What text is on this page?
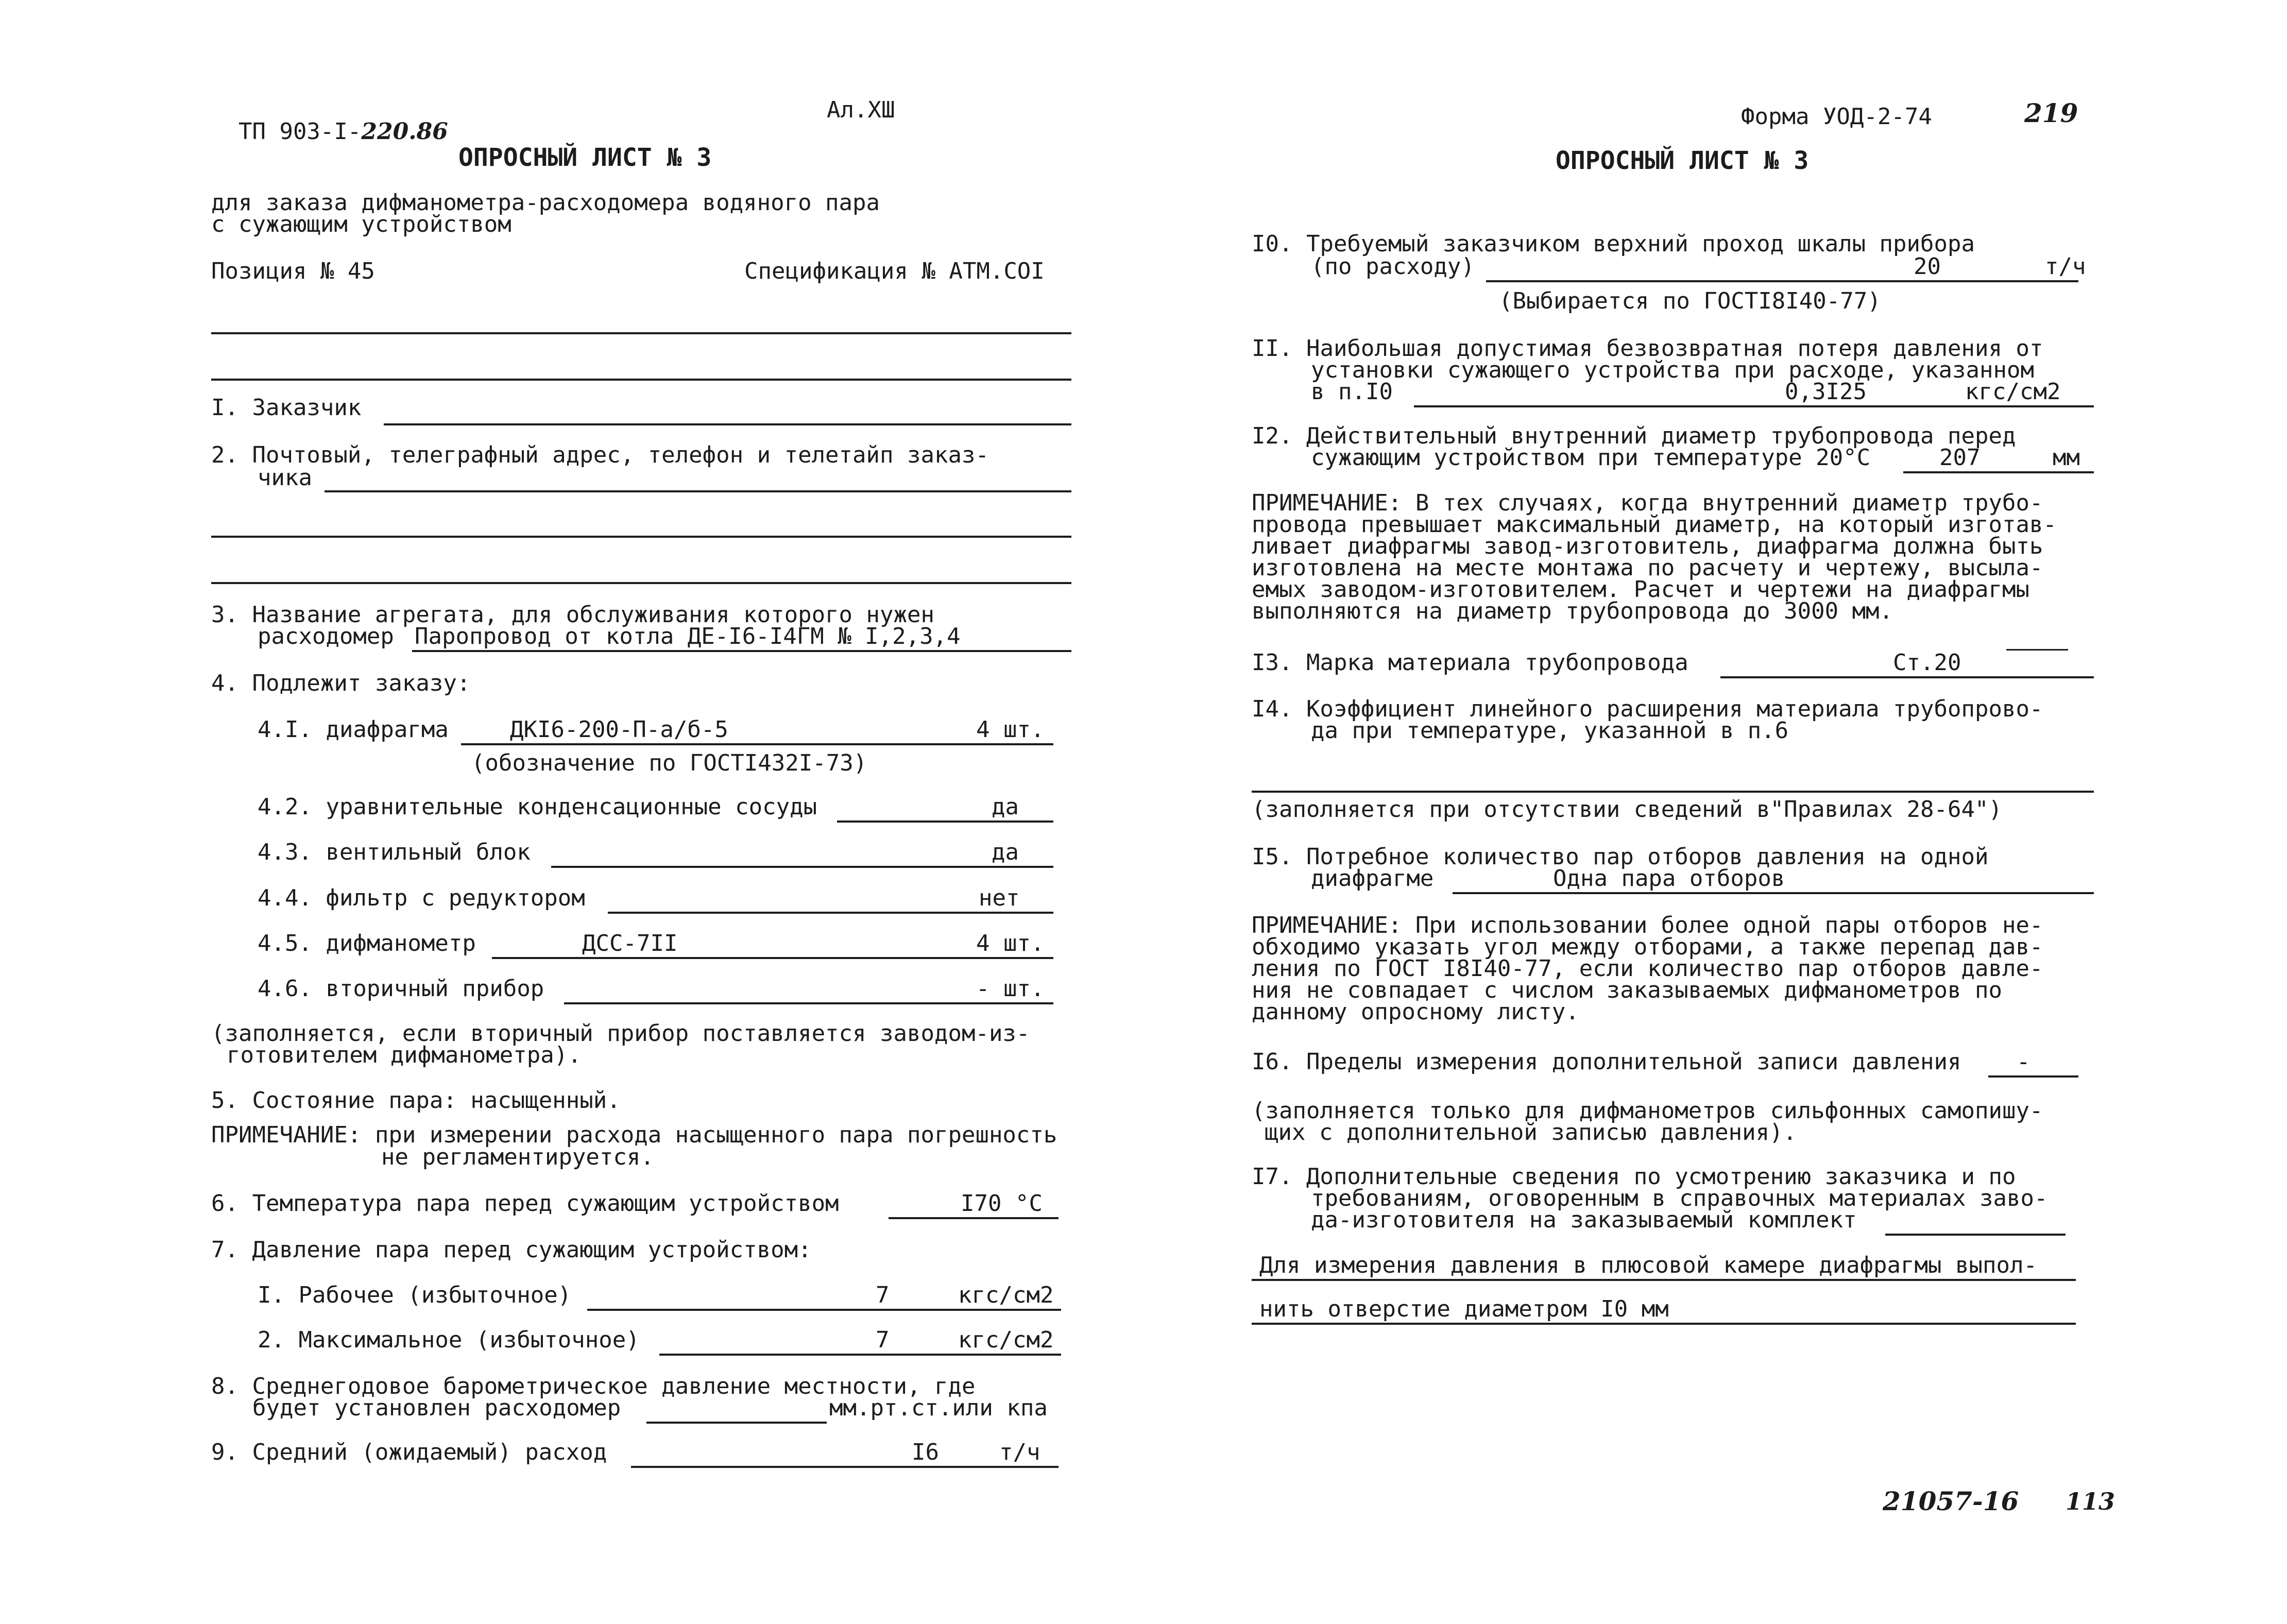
ТП 903-I-220.86

Ал.ХШ
ОПРОСНЫЙ ЛИСТ № 3
для заказа дифманометра-расходомера водяного пара
с сужающим устройством
Позиция № 45	Спецификация № АТМ.СОI
I. Заказчик
2. Почтовый, телеграфный адрес, телефон и телетайп заказ-
чика
3. Название агрегата, для обслуживания которого нужен
расходомер Паропровод от котла ДЕ-I6-I4ГМ № I,2,3,4
4. Подлежит заказу:
4.I. диафрагма	ДКI6-200-П-а/б-5	4 шт.
(обозначение по ГОСТI432I-73)
4.2. уравнительные конденсационные сосуды	да
4.3. вентильный блок	да
4.4. фильтр с редуктором	нет
4.5. дифманометр	ДСС-7II	4 шт.
4.6. вторичный прибор	- шт.
(заполняется, если вторичный прибор поставляется заводом-из-
готовителем дифманометра).
5. Состояние пара: насыщенный.
ПРИМЕЧАНИЕ: при измерении расхода насыщенного пара погрешность
не регламентируется.
6. Температура пара перед сужающим устройством	I70 °С
7. Давление пара перед сужающим устройством:
I. Рабочее (избыточное)	7	кгс/см2
2. Максимальное (избыточное)	7	кгс/см2
8. Среднегодовое барометрическое давление местности, где
будет установлен расходомер	мм.рт.ст.или кпа
9. Средний (ожидаемый) расход	I6	т/ч
Форма УОД-2-74	219
ОПРОСНЫЙ ЛИСТ № 3
I0. Требуемый заказчиком верхний проход шкалы прибора
(по расходу)	20	т/ч
(Выбирается по ГОСТI8I40-77)
II. Наибольшая допустимая безвозвратная потеря давления от
установки сужающего устройства при расходе, указанном
в п.I0	0,3I25	кгс/см2
I2. Действительный внутренний диаметр трубопровода перед
сужающим устройством при температуре 20°С	207	мм
ПРИМЕЧАНИЕ: В тех случаях, когда внутренний диаметр трубо-
провода превышает максимальный диаметр, на который изготав-
ливает диафрагмы завод-изготовитель, диафрагма должна быть
изготовлена на месте монтажа по расчету и чертежу, высыла-
емых заводом-изготовителем. Расчет и чертежи на диафрагмы
выполняются на диаметр трубопровода до 3000 мм.
I3. Марка материала трубопровода	Ст.20
I4. Коэффициент линейного расширения материала трубопрово-
да при температуре, указанной в п.6
(заполняется при отсутствии сведений в"Правилах 28-64")
I5. Потребное количество пар отборов давления на одной
диафрагме	Одна пара отборов
ПРИМЕЧАНИЕ: При использовании более одной пары отборов не-
обходимо указать угол между отборами, а также перепад дав-
ления по ГОСТ I8I40-77, если количество пар отборов давле-
ния не совпадает с числом заказываемых дифманометров по
данному опросному листу.
I6. Пределы измерения дополнительной записи давления -
(заполняется только для дифманометров сильфонных самопишу-
щих с дополнительной записью давления).
I7. Дополнительные сведения по усмотрению заказчика и по
требованиям, оговоренным в справочных материалах заво-
да-изготовителя на заказываемый комплект
Для измерения давления в плюсовой камере диафрагмы выпол-
нить отверстие диаметром I0 мм
21057-16 113
